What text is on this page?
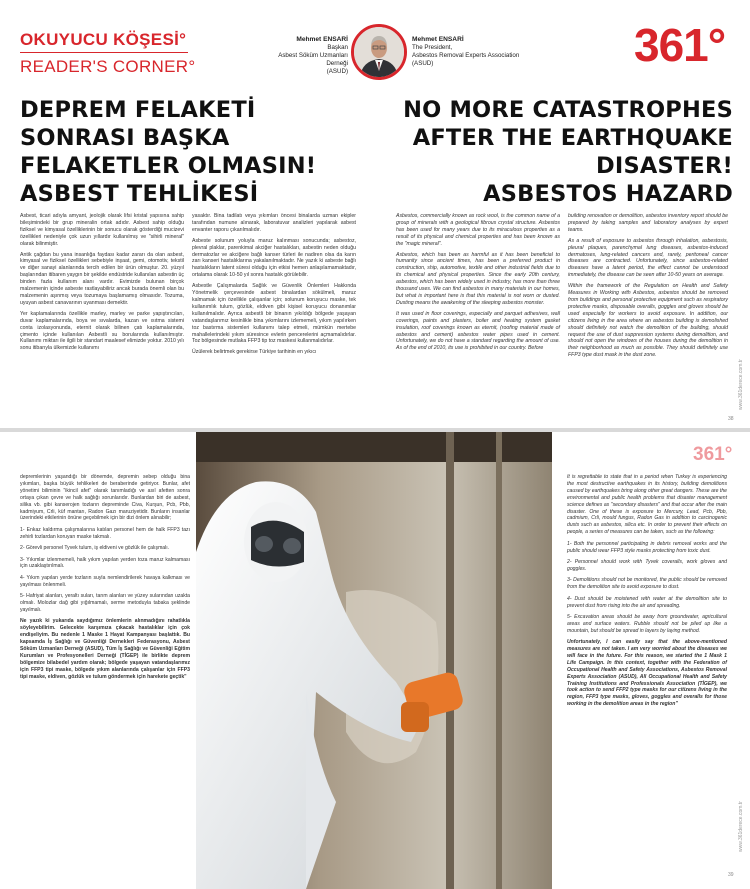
OKUYUCU KÖŞESİ°
READER'S CORNER°
Mehmet ENSARİ
Başkan
Asbest Söküm Uzmanları Derneği
(ASUD)
Mehmet ENSARİ
The President,
Asbestos Removal Experts Association
(ASUD)	361°
DEPREM FELAKETİ
SONRASI BAŞKA
FELAKETLER OLMASIN!
ASBEST TEHLİKESİ
NO MORE CATASTROPHES
AFTER THE EARTHQUAKE
DISASTER!
ASBESTOS HAZARD

Asbest, ticari adıyla amyant, jeolojik olarak lifsi kristal yapısına sahip bileşimindeki bir grup mineralin ortak adıdır. Asbest sahip olduğu fiziksel ve kimyasal özelliklerinin bir sonucu olarak gösterdiği mucizevi özellikleri nedeniyle çok uzun yıllardır kullanılmış ve "sihirli mineral" olarak bilinmiştir.

Antik çağdan bu yana insanlığa faydası kadar zararı da olan asbest, kimyasal ve fiziksel özellikleri sebebiyle inşaat, gemi, otomotiv, tekstil ve diğer sanayi alanlarında tercih edilen bir ürün olmuştur. 20. yüzyıl başlarından itibaren yaygın bir şekilde endüstride kullanılan asbestin üç binden fazla kullanım alanı vardır. Evimizde bulunan birçok malzemenin içinde asbeste rastlayabiliriz ancak burada önemli olan bu malzemenin aşınmış veya tozumaya başlamamış olmasıdır. Tozuma, uyuyan asbest canavarının uyanması demektir.

Yer kaplamalarında özellikle marley, marley ve parke yapıştırıcıları, duvar kaplamalarında, boya ve sıvalarda, kazan ve ısıtma sistemi conta izolasyonunda, eternit olarak bilinen çatı kaplamalarında, çimento içinde kullanılan Asbestli su borularında kullanılmıştır. Kullanımı miktarı ile ilgili bir standart maalesef elimizde yoktur. 2010 yılı sonu itibarıyla ülkemizde kullanımı

yasaktır. Bina tadilatı veya yıkımları öncesi binalarda uzman ekipler tarafından numune alınarak, laboratuvar analizleri yapılarak asbest envanter raporu çıkarılmalıdır.

Asbeste solunum yoluyla maruz kalınması sonucunda; asbestoz, plevral plaklar, parenkimal akciğer hastalıkları, asbestin neden olduğu dermatozlar ve akciğere bağlı kanser türleri ile nadiren olsa da karın zarı kanseri hastalıklarına yakalanılmaktadır. Ne yazık ki asbeste bağlı hastalıkların latent süresi olduğu için etkisi hemen anlaşılamamaktadır, ortalama olarak 10-50 yıl sonra hastalık görülebilir.

Asbestle Çalışmalarda Sağlık ve Güvenlik Önlemleri Hakkında Yönetmelik çerçevesinde asbest binalardan sökülmeli, maruz kalmamak için özellikle çalışanlar için; solunum koruyucu maske, tek kullanımlık tulum, gözlük, eldiven gibi kişisel koruyucu donanımlar kullanılmalıdır. Ayrıca asbestli bir binanın yıkıldığı bölgede yaşayan vatandaşlarımız kesinlikle bina yıkımlarını izlememeli, yıkım yapılırken toz bastırma sistemleri kullanımı talep etmeli, mümkün mertebe mahallelerindeki yıkım süresince evlerin pencerelerini açmamalıdırlar. Toz bölgesinde mutlaka FFP3 tip toz maskesi kullanmalıdırlar.

Üzülerek belirtmek gerekirse Türkiye tarihinin en yıkıcı

Asbestos, commercially known as rock wool, is the common name of a group of minerals with a geological fibrous crystal structure. Asbestos has been used for many years due to its miraculous properties as a result of its physical and chemical properties and has been known as the "magic mineral".

Asbestos, which has been as harmful as it has been beneficial to humanity since ancient times, has been a preferred product in construction, ship, automotive, textile and other industrial fields due to its chemical and physical properties. Since the early 20th century, asbestos, which has been widely used in industry, has more than three thousand uses. We can find asbestos in many materials in our homes, but what is important here is that this material is not worn or dusted. Dusting means the awakening of the sleeping asbestos monster.

It was used in floor coverings, especially and parquet adhesives, wall coverings, paints and plasters, boiler and heating system gasket insulation, roof coverings known as eternit, (roofing material made of asbestos and cement) asbestos water pipes used in cement. Unfortunately, we do not have a standard regarding the amount of use. As of the end of 2010, its use is prohibited in our country. Before

building renovation or demolition, asbestos inventory report should be prepared by taking samples and laboratory analyses by expert teams.

As a result of exposure to asbestos through inhalation, asbestosis, pleural plaques, parenchymal lung diseases, asbestos-induced dermatoses, lung-related cancers and, rarely, peritoneal cancer diseases are contracted. Unfortunately, since asbestos-related diseases have a latent period, the effect cannot be understood immediately, the disease can be seen after 10-50 years on average.

Within the framework of the Regulation on Health and Safety Measures in Working with Asbestos, asbestos should be removed from buildings and personal protective equipment such as respiratory protective masks, disposable overalls, goggles and gloves should be used especially for workers to avoid exposure. In addition, our citizens living in the area where an asbestos building is demolished should definitely not watch the demolition of the building, should request the use of dust suppression systems during demolition, and should not open the windows of the houses during the demolition in their neighborhood as much as possible. They should definitely use FFP3 type dust mask in the dust zone.

www.361derece.com.tr
38

depremlerinin yaşandığı bir dönemde, depremin sebep olduğu bina yıkımları, başka büyük tehlikeleri de beraberinde getiriyor. Bunlar, afet yönetimi biliminin "ikincil afet" olarak tanımladığı ve asıl afetten sonra ortaya çıkan çevre ve halk sağlığı sorunlarıdır. Bunlardan biri de asbest, silika vb. gibi kanserojen tozların depreminde Civa, Kurşun, Pcb, Pbb, kadmiyum, Crli, küf mantarı, Radon Gazı maruziyetidir. Bunların insanlar üzerindeki etkilerinin önüne geçebilmek için bir dizi önlem alınabilir;

1- Enkaz kaldırma çalışmalarına katılan personel hem de halk FFP3 tazı zehirli tozlardan koruyan maske takmalı.

2- Görevli personel Tyvek tulum, iş eldiveni ve gözlük ile çalışmalı.

3- Yıkımlar izlenmemeli, halk yıkım yapılan yerden toza maruz kalmaması için uzaklaştırılmalı.

4- Yıkım yapılan yerde tozların suyla nemlendirilerek havaya kalkması ve yayılması önlenmeli.

5- Hafriyat alanları, yeraltı suları, tarım alanları ve yüzey sularından uzakta olmalı. Molozlar dağ gibi yığılmamalı, serme metoduyla tabaka şeklinde yayılmalı.

Ne yazık ki yukarıda saydığımız önlemlerin alınmadığını rahatlıkla söyleyebilirim. Gelecekte karşımıza çıkacak hastalıklar için çok endişeliyim. Bu nedenle 1 Maske 1 Hayat Kampanyası başlattık. Bu kapsamda İş Sağlığı ve Güvenliği Dernekleri Federasyonu, Asbest Söküm Uzmanları Derneği (ASUD), Tüm İş Sağlığı ve Güvenliği Eğitim Kurumları ve Profesyonelleri Derneği (TİGEP) ile birlikte deprem bölgemize bilabedel yardım olarak; bölgede yaşayan vatandaşlarımız için FFP3 tipi maske, bölgede yıkım alanlarında çalışanlar için FFP3 tipi maske, eldiven, gözlük ve tulum göndermek için harekete geçtik"

361°

It is regrettable to state that in a period when Turkey is experiencing the most destructive earthquakes in its history, building demolitions caused by earthquakes bring along other great dangers. These are the environmental and public health problems that disaster management science defines as "secondary disasters" and that occur after the main disaster. One of these is exposure to Mercury, Lead, Pcb, Pbb, cadmium, Crli, mould fungus, Radon Gas in addition to carcinogenic dusts such as asbestos, silica etc. In order to prevent their effects on people, a series of measures can be taken, such as the following:

1- Both the personnel participating in debris removal works and the public should wear FFP3 style masks protecting from toxic dust.

2- Personnel should work with Tyvek coveralls, work gloves and goggles.

3- Demolitions should not be monitored, the public should be removed from the demolition site to avoid exposure to dust.

4- Dust should be moistened with water at the demolition site to prevent dust from rising into the air and spreading.

5- Excavation areas should be away from groundwater, agricultural areas and surface waters. Rubble should not be piled up like a mountain, but should be spread in layers by laying method.

Unfortunately, I can easily say that the above-mentioned measures are not taken. I am very worried about the diseases we will face in the future. For this reason, we started the 1 Mask 1 Life Campaign. In this context, together with the Federation of Occupational Health and Safety Associations, Asbestos Removal Experts Association (ASUD), All Occupational Health and Safety Training Institutions and Professionals Association (TİGEP), we took action to send FFP2 type masks for our citizens living in the region, FFP3 type masks, gloves, goggles and overalls for those working in the demolition areas in the region"

www.361derece.com.tr
39
